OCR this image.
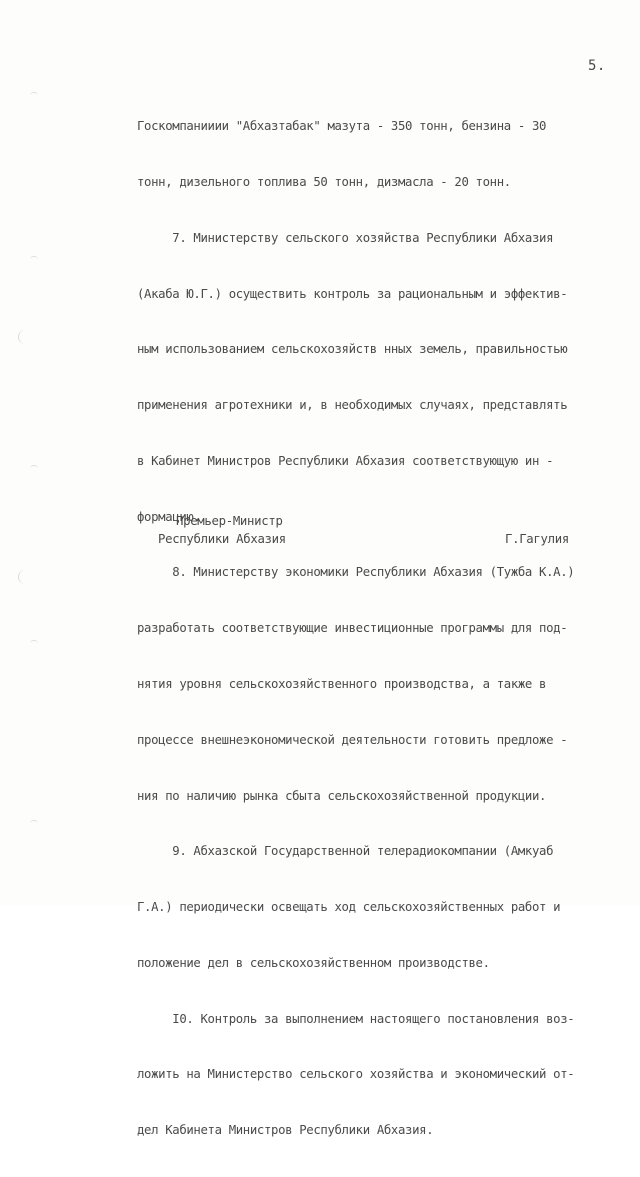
5.

Госкомпанииии "Абхазтабак" мазута - 350 тонн, бензина - 30

тонн, дизельного топлива 50 тонн, дизмасла - 20 тонн.

7. Министерству сельского хозяйства Республики Абхазия

(Акаба Ю.Г.) осуществить контроль за рациональным и эффектив-

ным использованием сельскохозяйств нных земель, правильностью

применения агротехники и, в необходимых случаях, представлять

в Кабинет Министров Республики Абхазия соответствующую ин -

формацию.

8. Министерству экономики Республики Абхазия (Тужба К.А.)

разработать соответствующие инвестиционные программы для под-

нятия уровня сельскохозяйственного производства, а также в

процессе внешнеэкономической деятельности готовить предложе -

ния по наличию рынка сбыта сельскохозяйственной продукции.

9. Абхазской Государственной телерадиокомпании (Амкуаб

Г.А.) периодически освещать ход сельскохозяйственных работ и

положение дел в сельскохозяйственном производстве.

I0. Контроль за выполнением настоящего постановления воз-

ложить на Министерство сельского хозяйства и экономический от-

дел Кабинета Министров Республики Абхазия.

Премьер-Министр
Республики Абхазия	Г.Гагулия
